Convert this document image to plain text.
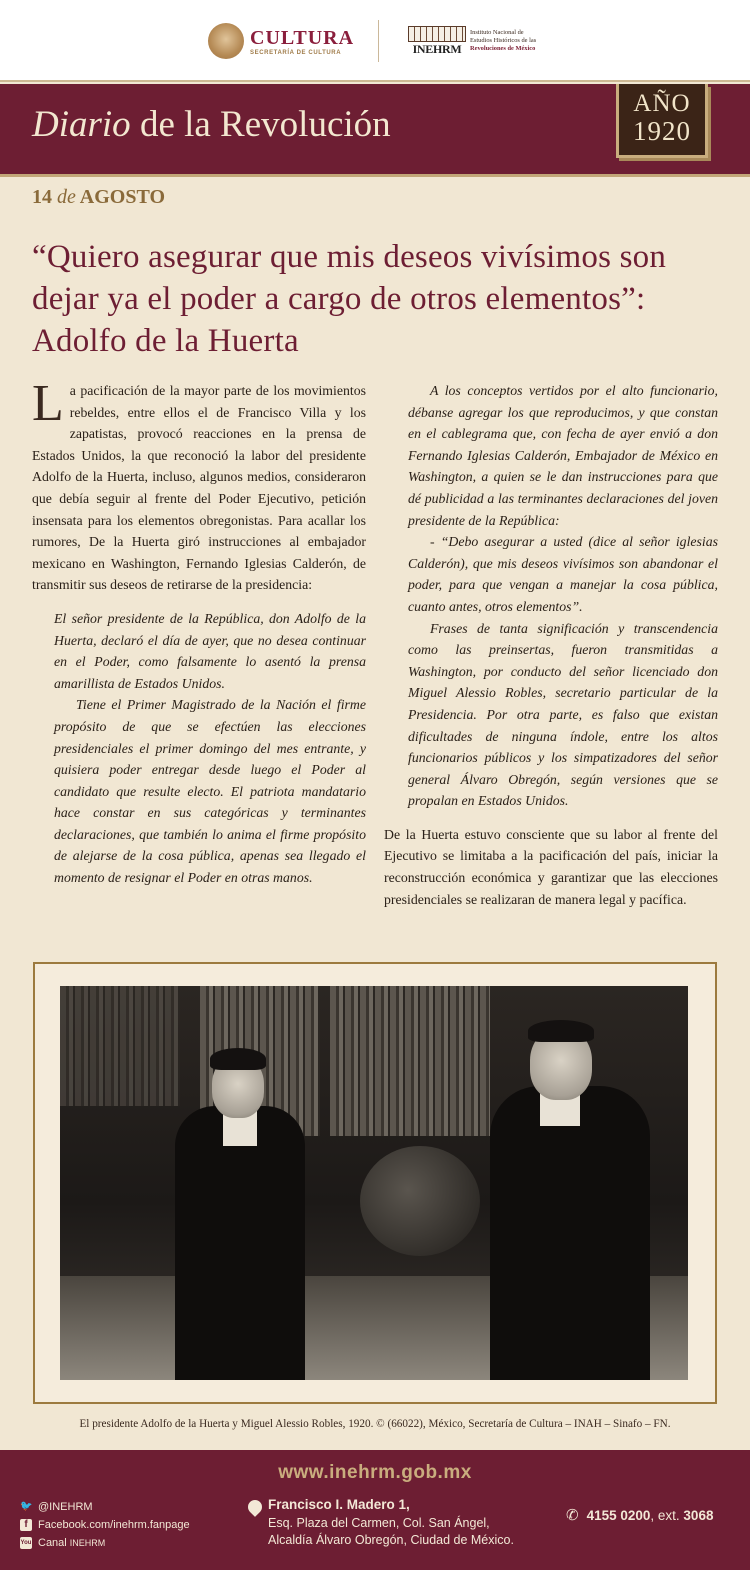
CULTURA
SECRETARÍA DE CULTURA	INEHRM
Instituto Nacional de
Estudios Históricos de las
Revoluciones de México
Diario de la Revolución
AÑO
1920
14 de AGOSTO
“Quiero asegurar que mis deseos vivísimos son dejar ya el poder a cargo de otros elementos”: Adolfo de la Huerta

La pacificación de la mayor parte de los movimientos rebeldes, entre ellos el de Francisco Villa y los zapatistas, provocó reacciones en la prensa de Estados Unidos, la que reconoció la labor del presidente Adolfo de la Huerta, incluso, algunos medios, consideraron que debía seguir al frente del Poder Ejecutivo, petición insensata para los elementos obregonistas. Para acallar los rumores, De la Huerta giró instrucciones al embajador mexicano en Washington, Fernando Iglesias Calderón, de transmitir sus deseos de retirarse de la presidencia:

El señor presidente de la República, don Adolfo de la Huerta, declaró el día de ayer, que no desea continuar en el Poder, como falsamente lo asentó la prensa amarillista de Estados Unidos.

Tiene el Primer Magistrado de la Nación el firme propósito de que se efectúen las elecciones presidenciales el primer domingo del mes entrante, y quisiera poder entregar desde luego el Poder al candidato que resulte electo. El patriota mandatario hace constar en sus categóricas y terminantes declaraciones, que también lo anima el firme propósito de alejarse de la cosa pública, apenas sea llegado el momento de resignar el Poder en otras manos.

A los conceptos vertidos por el alto funcionario, débanse agregar los que reproducimos, y que constan en el cablegrama que, con fecha de ayer envió a don Fernando Iglesias Calderón, Embajador de México en Washington, a quien se le dan instrucciones para que dé publicidad a las terminantes declaraciones del joven presidente de la República:

- “Debo asegurar a usted (dice al señor iglesias Calderón), que mis deseos vivísimos son abandonar el poder, para que vengan a manejar la cosa pública, cuanto antes, otros elementos”.

Frases de tanta significación y transcendencia como las preinsertas, fueron transmitidas a Washington, por conducto del señor licenciado don Miguel Alessio Robles, secretario particular de la Presidencia. Por otra parte, es falso que existan dificultades de ninguna índole, entre los altos funcionarios públicos y los simpatizadores del señor general Álvaro Obregón, según versiones que se propalan en Estados Unidos.

De la Huerta estuvo consciente que su labor al frente del Ejecutivo se limitaba a la pacificación del país, iniciar la reconstrucción económica y garantizar que las elecciones presidenciales se realizaran de manera legal y pacífica.

El presidente Adolfo de la Huerta y Miguel Alessio Robles, 1920. © (66022), México, Secretaría de Cultura – INAH – Sinafo – FN.
www.inehrm.gob.mx
🐦 @INEHRM
f Facebook.com/inehrm.fanpage
You Canal INEHRM
Francisco I. Madero 1,
Esq. Plaza del Carmen, Col. San Ángel,
Alcaldía Álvaro Obregón, Ciudad de México.
✆ 4155 0200, ext. 3068
